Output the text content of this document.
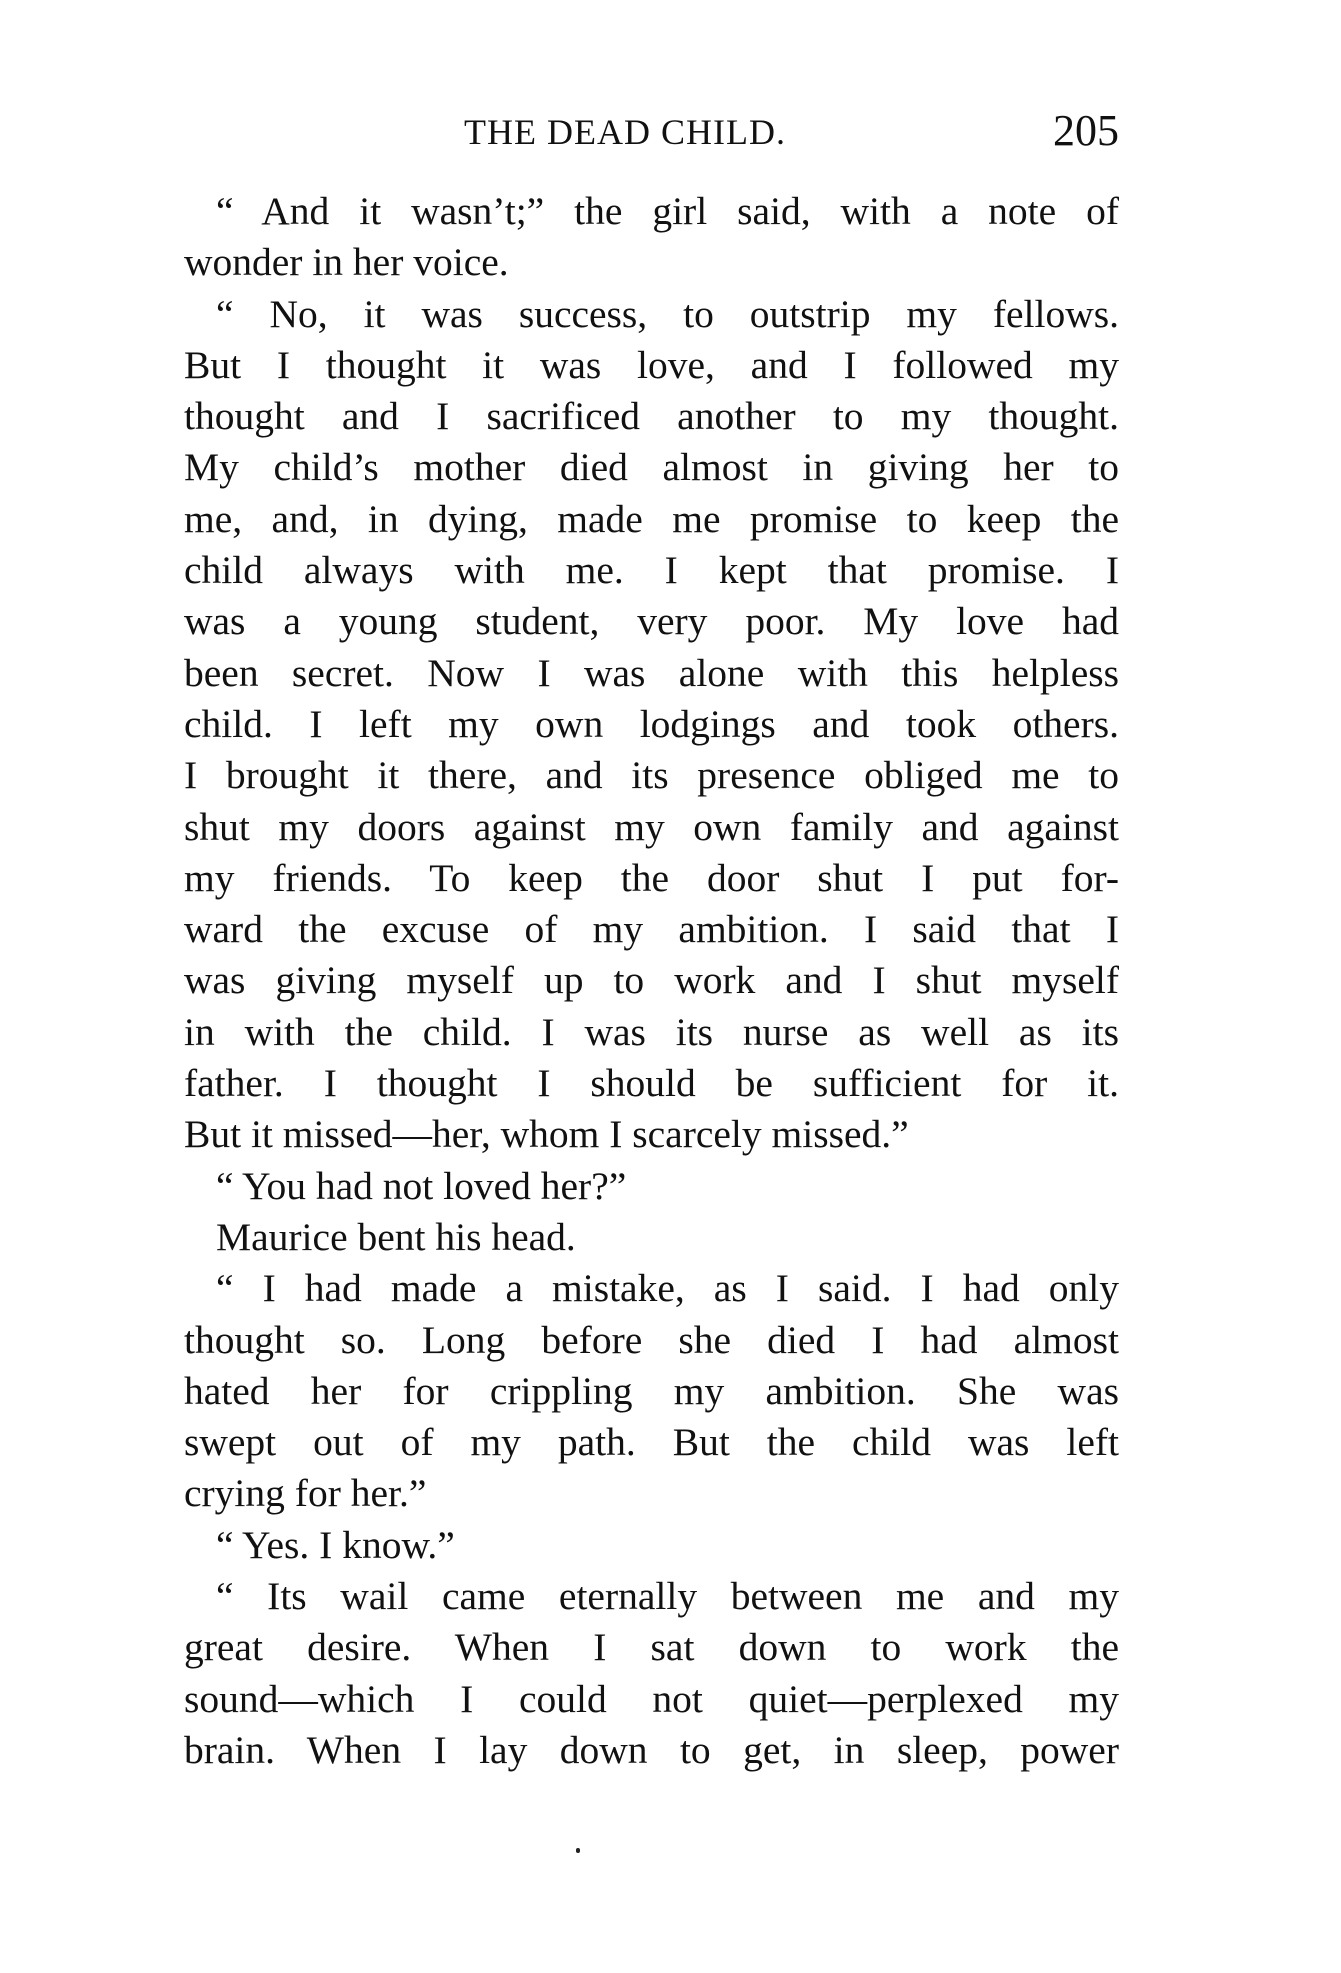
THE DEAD CHILD.	205
“ And it wasn’t;” the girl said, with a note of
wonder in her voice.
“ No, it was success, to outstrip my fellows.
But I thought it was love, and I followed my
thought and I sacrificed another to my thought.
My child’s mother died almost in giving her to
me, and, in dying, made me promise to keep the
child always with me. I kept that promise. I
was a young student, very poor. My love had
been secret. Now I was alone with this helpless
child. I left my own lodgings and took others.
I brought it there, and its presence obliged me to
shut my doors against my own family and against
my friends. To keep the door shut I put for-
ward the excuse of my ambition. I said that I
was giving myself up to work and I shut myself
in with the child. I was its nurse as well as its
father. I thought I should be sufficient for it.
But it missed—her, whom I scarcely missed.”
“ You had not loved her?”
Maurice bent his head.
“ I had made a mistake, as I said. I had only
thought so. Long before she died I had almost
hated her for crippling my ambition. She was
swept out of my path. But the child was left
crying for her.”
“ Yes. I know.”
“ Its wail came eternally between me and my
great desire. When I sat down to work the
sound—which I could not quiet—perplexed my
brain. When I lay down to get, in sleep, power
